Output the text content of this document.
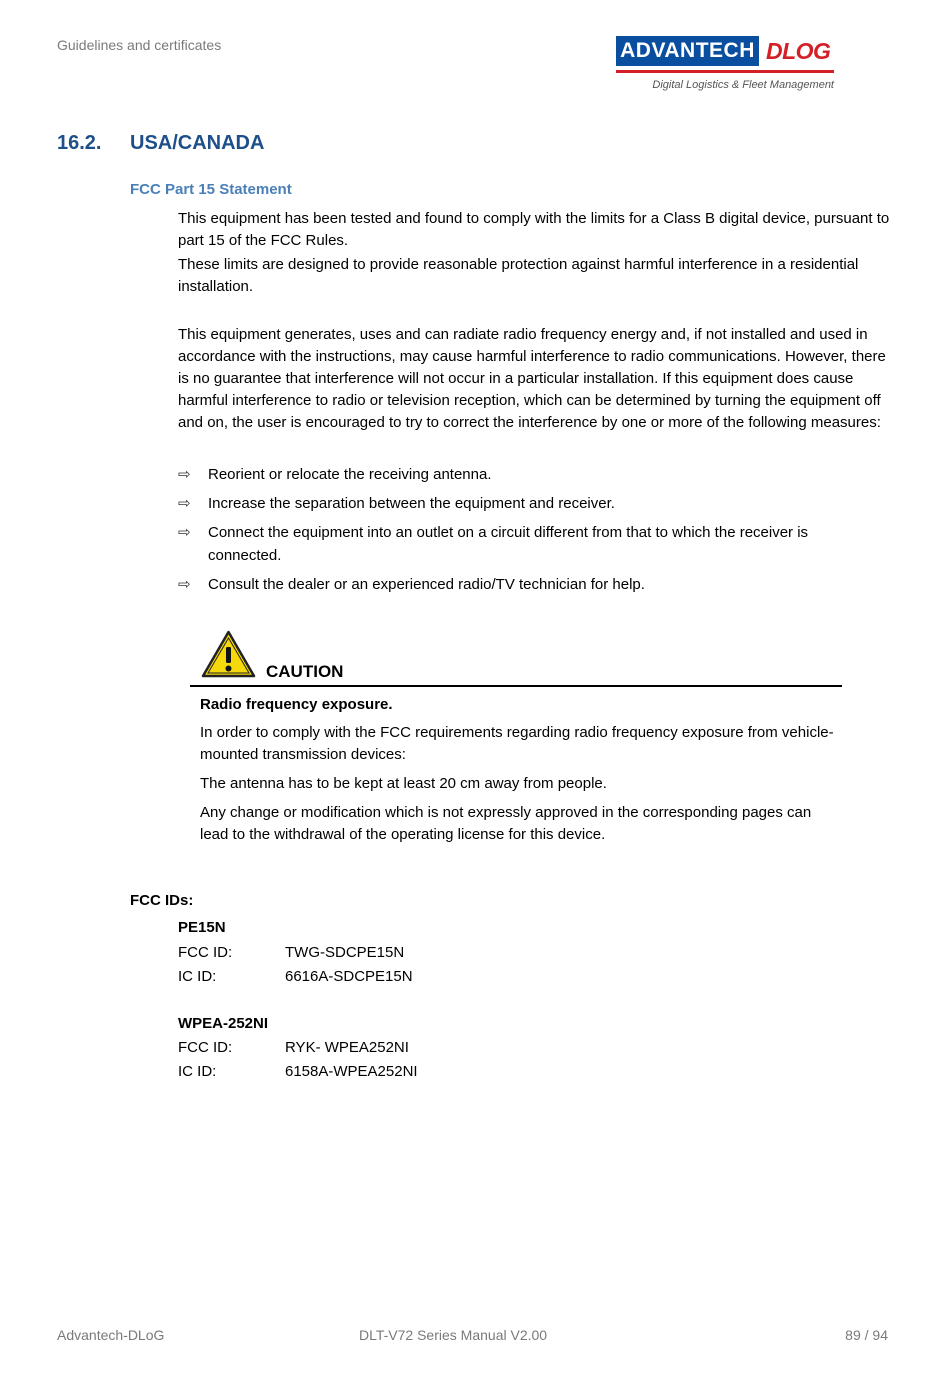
Guidelines and certificates	ADVANTECH DLOG
Digital Logistics & Fleet Management
16.2. USA/CANADA
FCC Part 15 Statement
This equipment has been tested and found to comply with the limits for a Class B digital device, pursuant to part 15 of the FCC Rules.
These limits are designed to provide reasonable protection against harmful interference in a residential installation.
This equipment generates, uses and can radiate radio frequency energy and, if not installed and used in accordance with the instructions, may cause harmful interference to radio communications. However, there is no guarantee that interference will not occur in a particular installation. If this equipment does cause harmful interference to radio or television reception, which can be determined by turning the equipment off and on, the user is encouraged to try to correct the interference by one or more of the following measures:
⇨ Reorient or relocate the receiving antenna.
⇨ Increase the separation between the equipment and receiver.
⇨ Connect the equipment into an outlet on a circuit different from that to which the receiver is connected.
⇨ Consult the dealer or an experienced radio/TV technician for help.
CAUTION
Radio frequency exposure.
In order to comply with the FCC requirements regarding radio frequency exposure from vehicle-mounted transmission devices:
The antenna has to be kept at least 20 cm away from people.
Any change or modification which is not expressly approved in the corresponding pages can lead to the withdrawal of the operating license for this device.
FCC IDs:
PE15N
FCC ID:	TWG-SDCPE15N
IC ID:	6616A-SDCPE15N
WPEA-252NI
FCC ID:	RYK- WPEA252NI
IC ID:	6158A-WPEA252NI
Advantech-DLoG	DLT-V72 Series Manual V2.00	89 / 94
